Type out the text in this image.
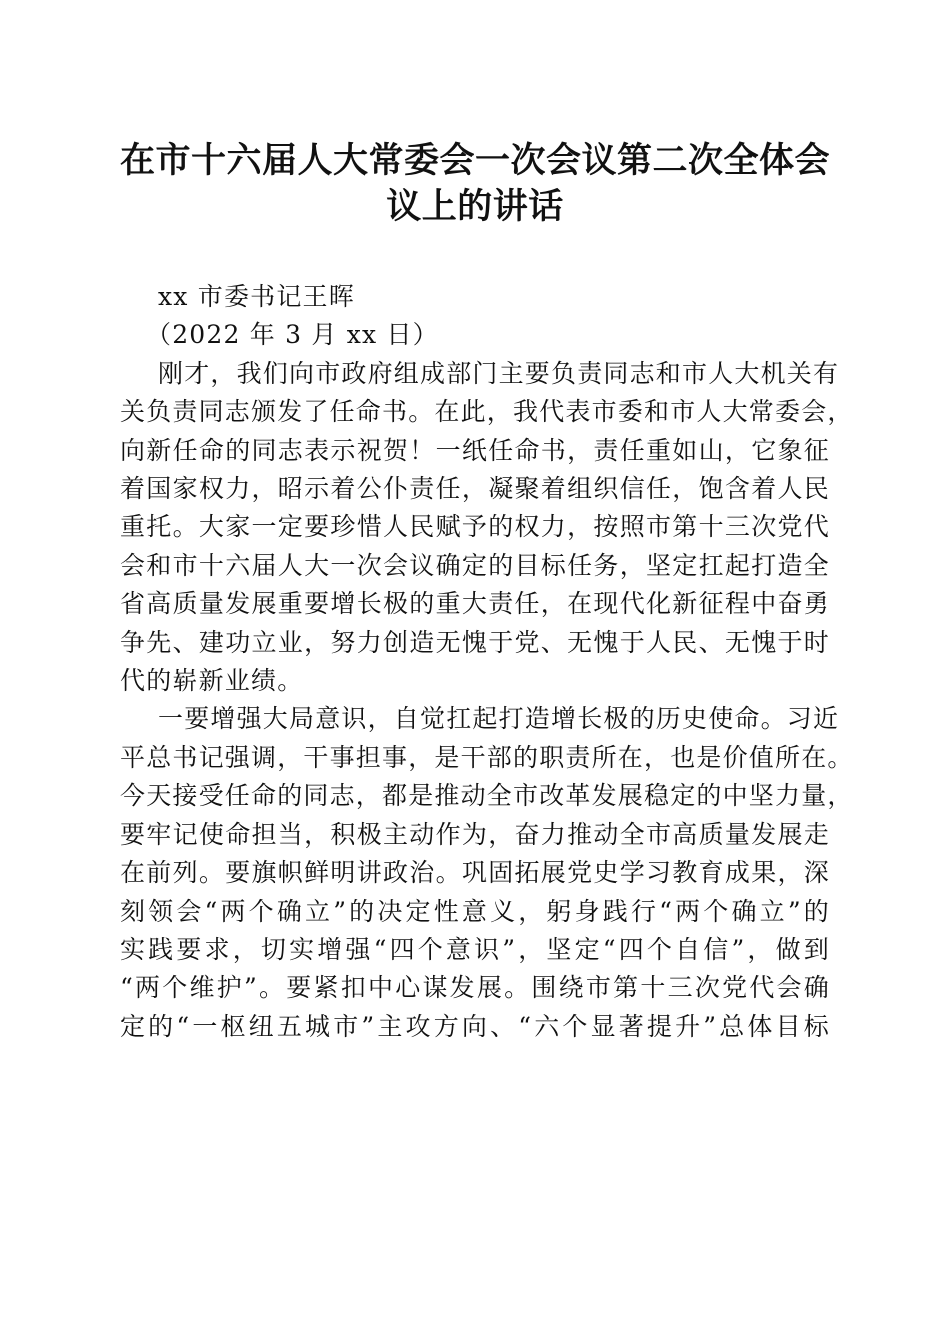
在市十六届人大常委会一次会议第二次全体会
议上的讲话
xx 市委书记王晖
（2022 年 3 月 xx 日）

刚才，我们向市政府组成部门主要负责同志和市人大机关有
关负责同志颁发了任命书。在此，我代表市委和市人大常委会，
向新任命的同志表示祝贺！一纸任命书，责任重如山，它象征
着国家权力，昭示着公仆责任，凝聚着组织信任，饱含着人民
重托。大家一定要珍惜人民赋予的权力，按照市第十三次党代
会和市十六届人大一次会议确定的目标任务，坚定扛起打造全
省高质量发展重要增长极的重大责任，在现代化新征程中奋勇
争先、建功立业，努力创造无愧于党、无愧于人民、无愧于时
代的崭新业绩。

一要增强大局意识，自觉扛起打造增长极的历史使命。习近
平总书记强调，干事担事，是干部的职责所在，也是价值所在。
今天接受任命的同志，都是推动全市改革发展稳定的中坚力量，
要牢记使命担当，积极主动作为，奋力推动全市高质量发展走
在前列。要旗帜鲜明讲政治。巩固拓展党史学习教育成果，深
刻领会“两个确立”的决定性意义，躬身践行“两个确立”的
实践要求，切实增强“四个意识”，坚定“四个自信”，做到
“两个维护”。要紧扣中心谋发展。围绕市第十三次党代会确
定的“一枢纽五城市”主攻方向、“六个显著提升”总体目标
